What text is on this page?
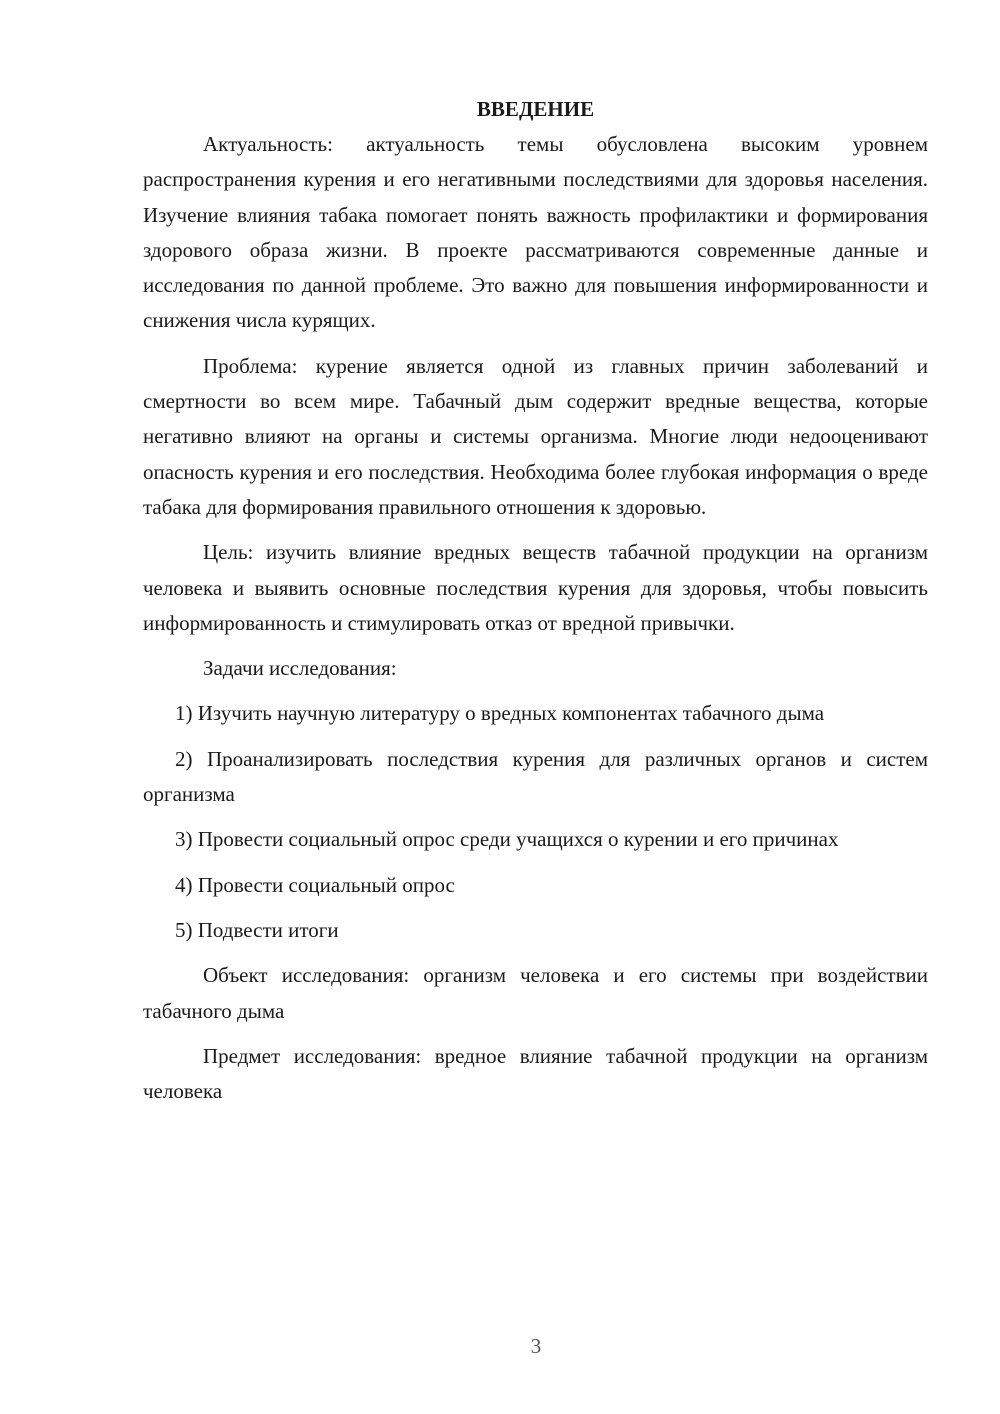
ВВЕДЕНИЕ

Актуальность: актуальность темы обусловлена высоким уровнем распространения курения и его негативными последствиями для здоровья населения. Изучение влияния табака помогает понять важность профилактики и формирования здорового образа жизни. В проекте рассматриваются современные данные и исследования по данной проблеме. Это важно для повышения информированности и снижения числа курящих.

Проблема: курение является одной из главных причин заболеваний и смертности во всем мире. Табачный дым содержит вредные вещества, которые негативно влияют на органы и системы организма. Многие люди недооценивают опасность курения и его последствия. Необходима более глубокая информация о вреде табака для формирования правильного отношения к здоровью.

Цель: изучить влияние вредных веществ табачной продукции на организм человека и выявить основные последствия курения для здоровья, чтобы повысить информированность и стимулировать отказ от вредной привычки.

Задачи исследования:

1) Изучить научную литературу о вредных компонентах табачного дыма

2) Проанализировать последствия курения для различных органов и систем организма

3) Провести социальный опрос среди учащихся о курении и его причинах

4) Провести социальный опрос

5) Подвести итоги

Объект исследования: организм человека и его системы при воздействии табачного дыма

Предмет исследования: вредное влияние табачной продукции на организм человека

3
